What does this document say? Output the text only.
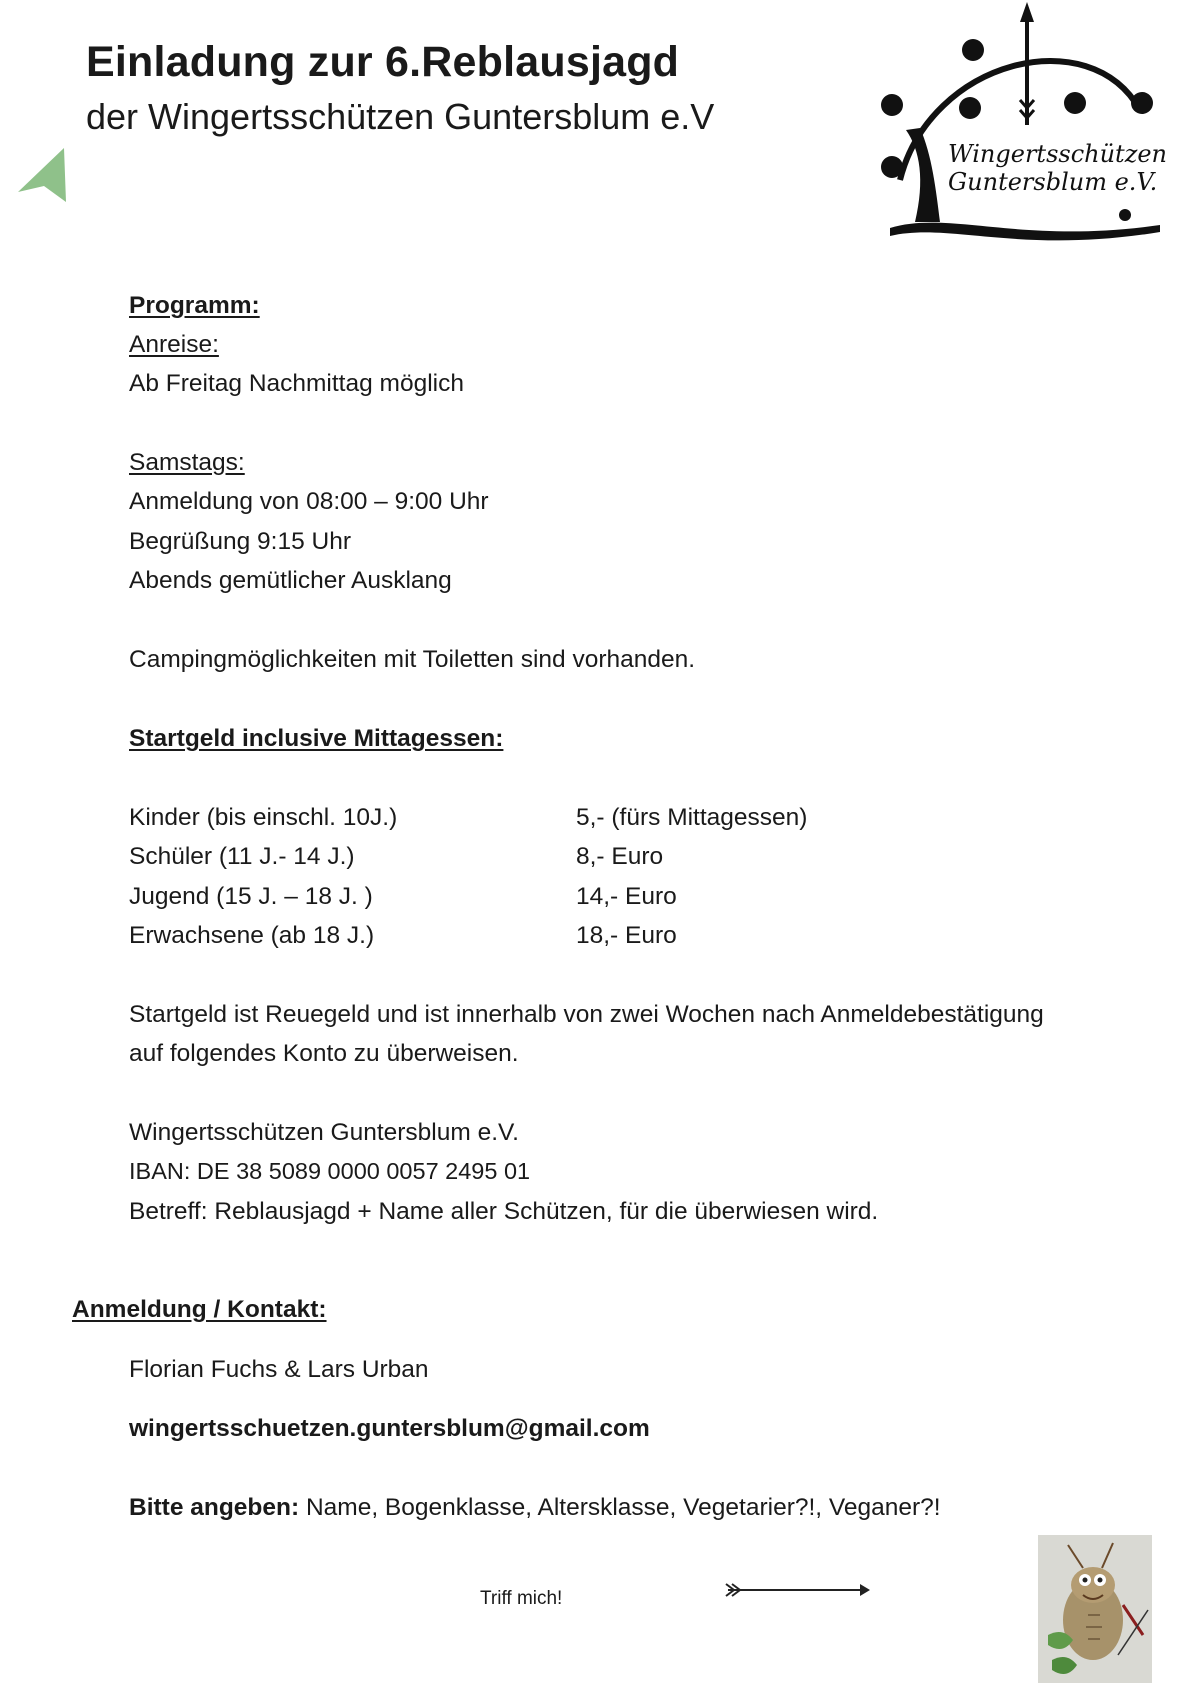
Einladung zur 6.Reblausjagd
der Wingertsschützen Guntersblum e.V
Wingertsschützen
Guntersblum e.V.
Programm:
Anreise:
Ab Freitag Nachmittag möglich
Samstags:
Anmeldung von 08:00 – 9:00 Uhr
Begrüßung 9:15 Uhr
Abends gemütlicher Ausklang
Campingmöglichkeiten mit Toiletten sind vorhanden.
Startgeld inclusive Mittagessen:
Kinder (bis einschl. 10J.)	5,- (fürs Mittagessen)
Schüler (11 J.- 14 J.)	8,- Euro
Jugend (15 J. – 18 J. )	14,- Euro
Erwachsene (ab 18 J.)	18,- Euro
Startgeld ist Reuegeld und ist innerhalb von zwei Wochen nach Anmeldebestätigung
auf folgendes Konto zu überweisen.
Wingertsschützen Guntersblum e.V.
IBAN: DE 38 5089 0000 0057 2495 01
Betreff: Reblausjagd + Name aller Schützen, für die überwiesen wird.
Anmeldung / Kontakt:
Florian Fuchs & Lars Urban
wingertsschuetzen.guntersblum@gmail.com
Bitte angeben: Name, Bogenklasse, Altersklasse, Vegetarier?!, Veganer?!
Triff mich!
